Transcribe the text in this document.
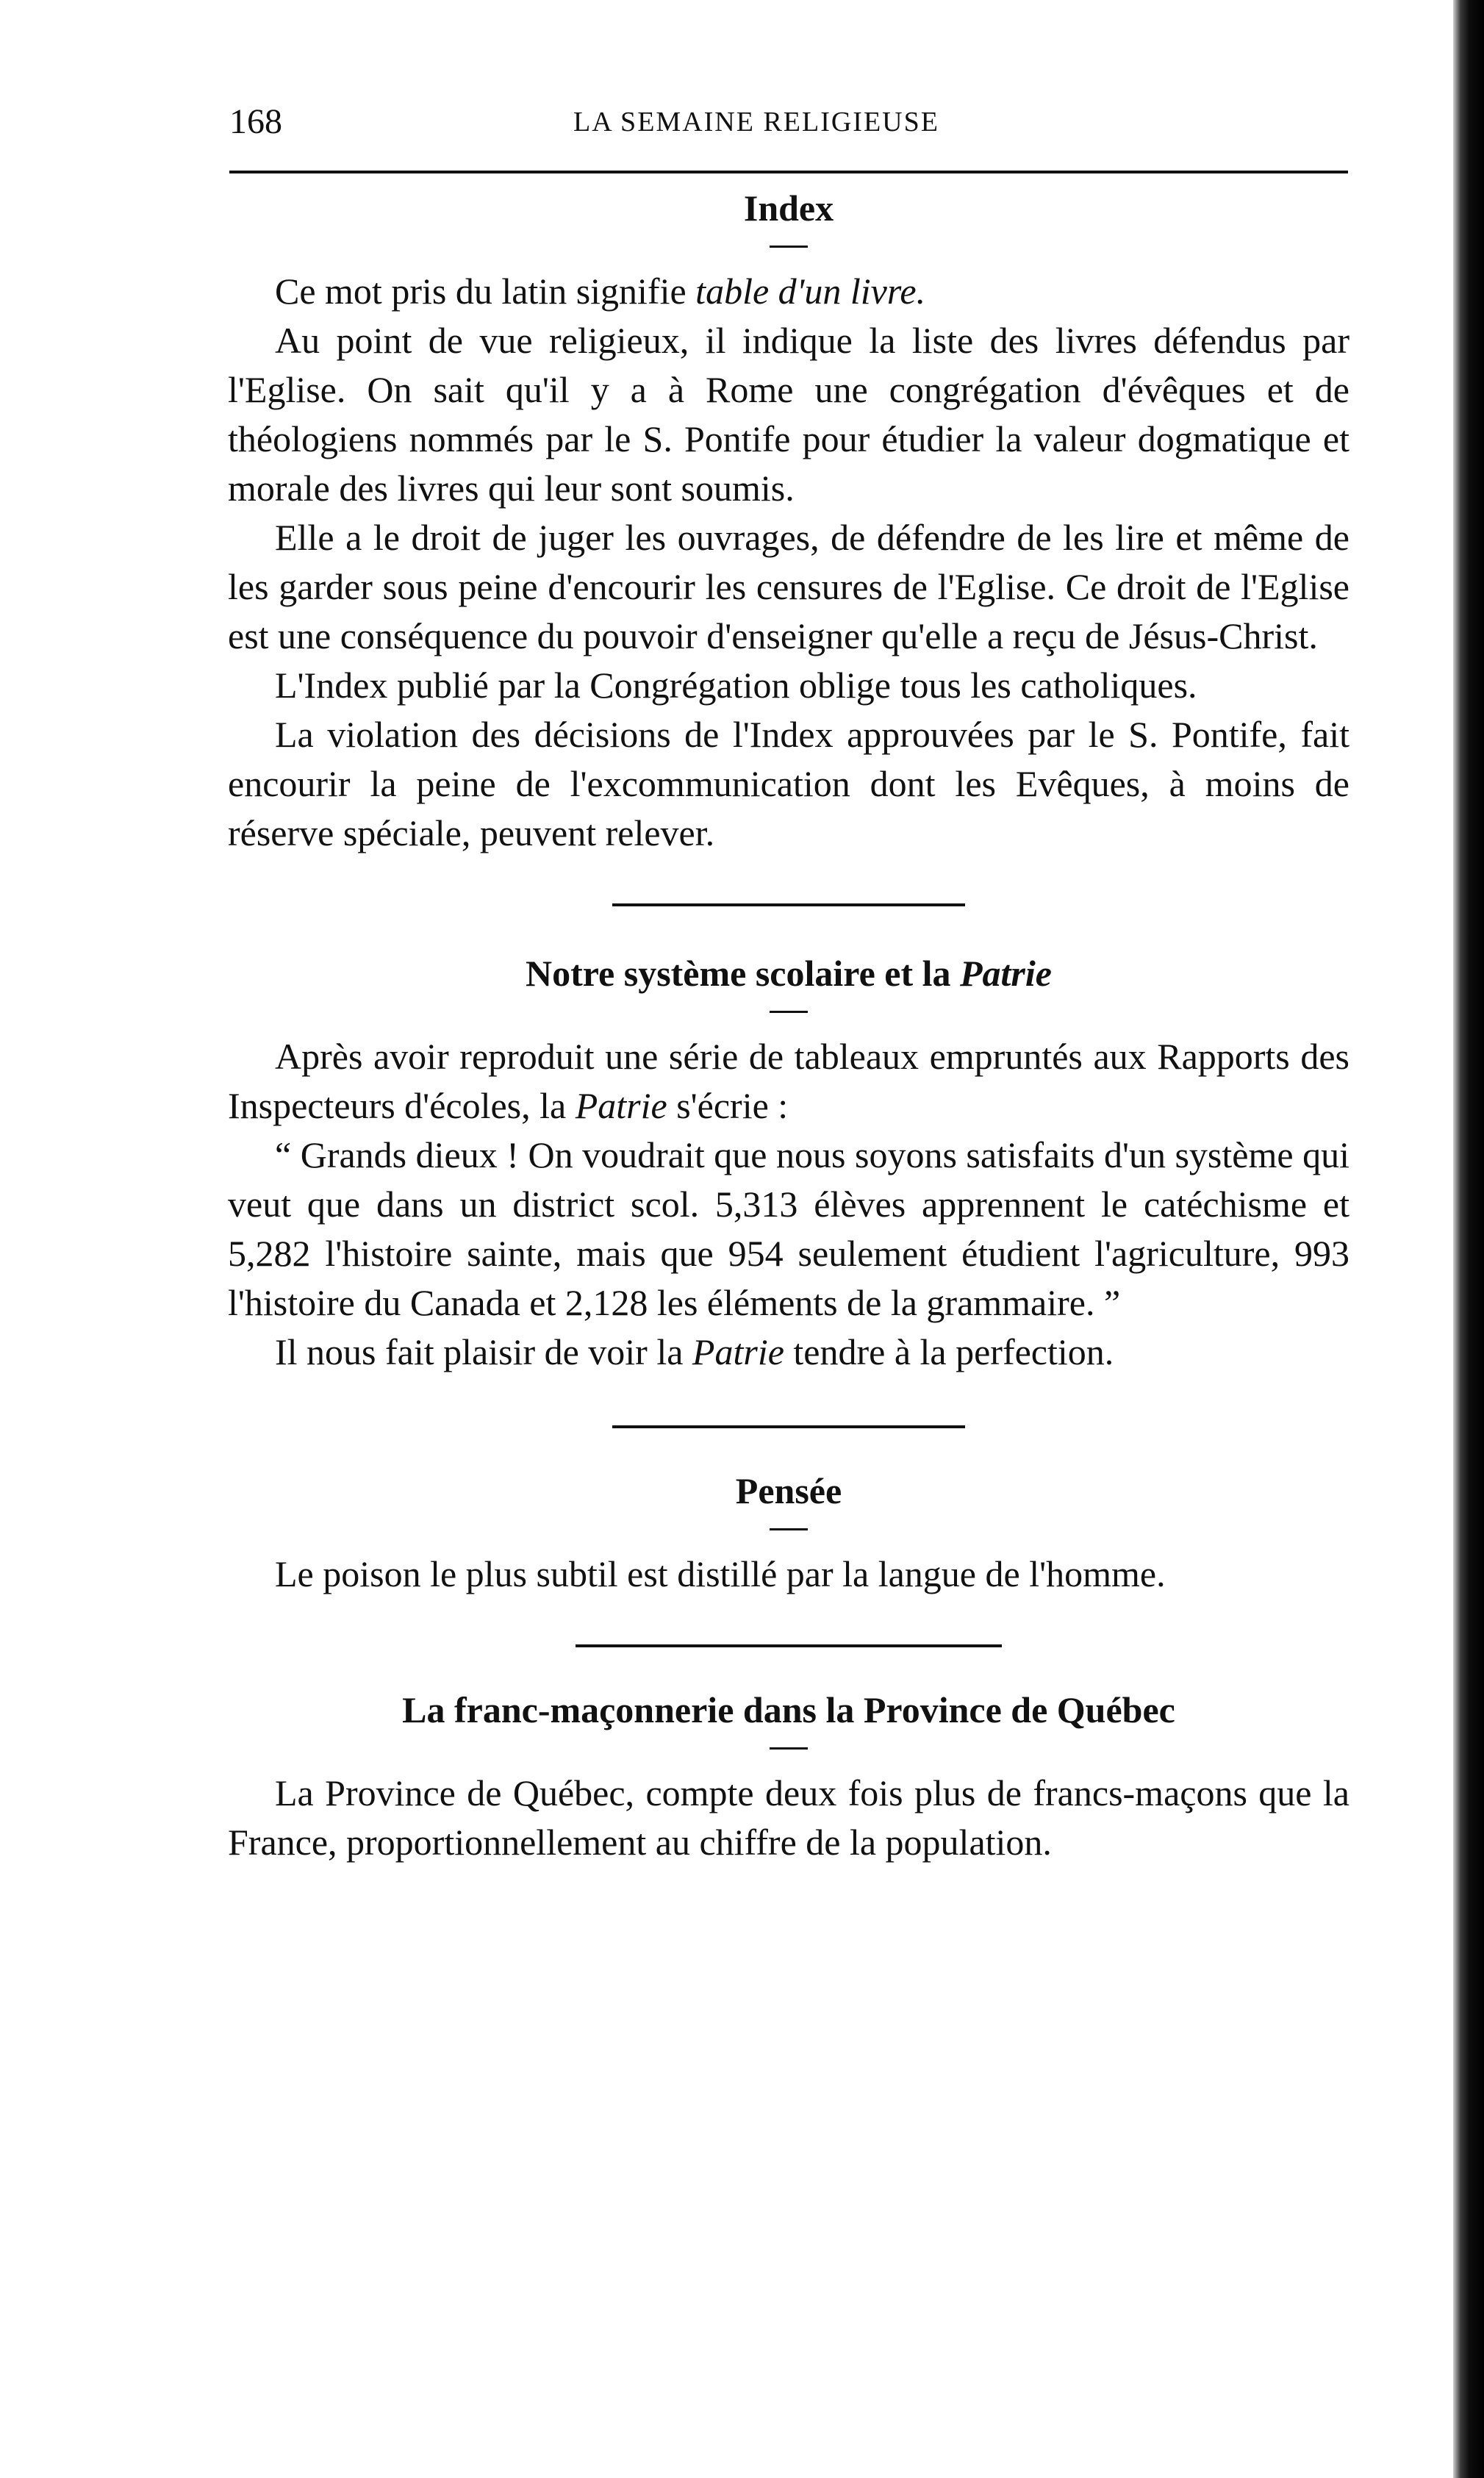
168	LA SEMAINE RELIGIEUSE
Index

Ce mot pris du latin signifie table d'un livre.

Au point de vue religieux, il indique la liste des livres défendus par l'Eglise. On sait qu'il y a à Rome une congrégation d'évêques et de théologiens nommés par le S. Pontife pour étudier la valeur dogmatique et morale des livres qui leur sont soumis.

Elle a le droit de juger les ouvrages, de défendre de les lire et même de les garder sous peine d'encourir les censures de l'Eglise. Ce droit de l'Eglise est une conséquence du pouvoir d'enseigner qu'elle a reçu de Jésus-Christ.

L'Index publié par la Congrégation oblige tous les catholiques.

La violation des décisions de l'Index approuvées par le S. Pontife, fait encourir la peine de l'excommunication dont les Evêques, à moins de réserve spéciale, peuvent relever.

Notre système scolaire et la Patrie

Après avoir reproduit une série de tableaux empruntés aux Rapports des Inspecteurs d'écoles, la Patrie s'écrie :

“ Grands dieux ! On voudrait que nous soyons satisfaits d'un système qui veut que dans un district scol. 5,313 élèves apprennent le catéchisme et 5,282 l'histoire sainte, mais que 954 seulement étudient l'agriculture, 993 l'histoire du Canada et 2,128 les éléments de la grammaire. ”

Il nous fait plaisir de voir la Patrie tendre à la perfection.

Pensée

Le poison le plus subtil est distillé par la langue de l'homme.

La franc-maçonnerie dans la Province de Québec

La Province de Québec, compte deux fois plus de francs-maçons que la France, proportionnellement au chiffre de la population.
